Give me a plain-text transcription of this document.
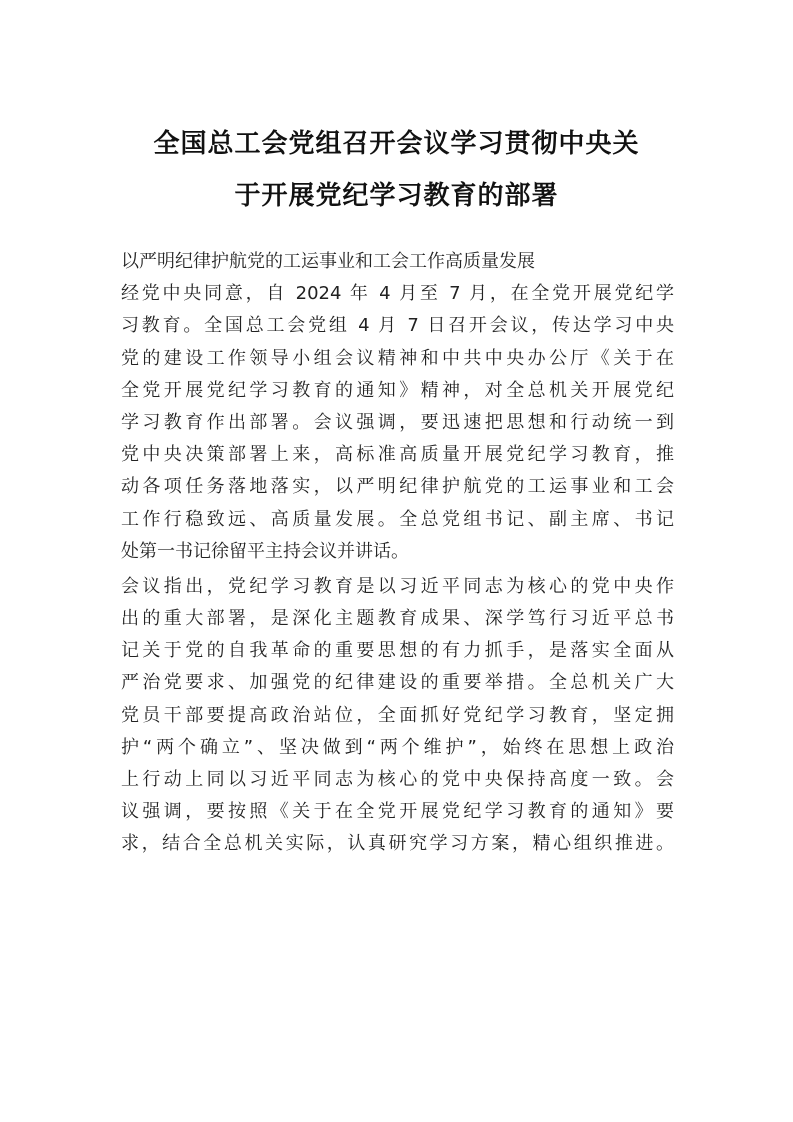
全国总工会党组召开会议学习贯彻中央关
于开展党纪学习教育的部署
以严明纪律护航党的工运事业和工会工作高质量发展
经党中央同意，自 2024 年 4 月至 7 月，在全党开展党纪学
习教育。全国总工会党组 4 月 7 日召开会议，传达学习中央
党的建设工作领导小组会议精神和中共中央办公厅《关于在
全党开展党纪学习教育的通知》精神，对全总机关开展党纪
学习教育作出部署。会议强调，要迅速把思想和行动统一到
党中央决策部署上来，高标准高质量开展党纪学习教育，推
动各项任务落地落实，以严明纪律护航党的工运事业和工会
工作行稳致远、高质量发展。全总党组书记、副主席、书记
处第一书记徐留平主持会议并讲话。
会议指出，党纪学习教育是以习近平同志为核心的党中央作
出的重大部署，是深化主题教育成果、深学笃行习近平总书
记关于党的自我革命的重要思想的有力抓手，是落实全面从
严治党要求、加强党的纪律建设的重要举措。全总机关广大
党员干部要提高政治站位，全面抓好党纪学习教育，坚定拥
护“两个确立”、坚决做到“两个维护”，始终在思想上政治
上行动上同以习近平同志为核心的党中央保持高度一致。会
议强调，要按照《关于在全党开展党纪学习教育的通知》要
求，结合全总机关实际，认真研究学习方案，精心组织推进。
